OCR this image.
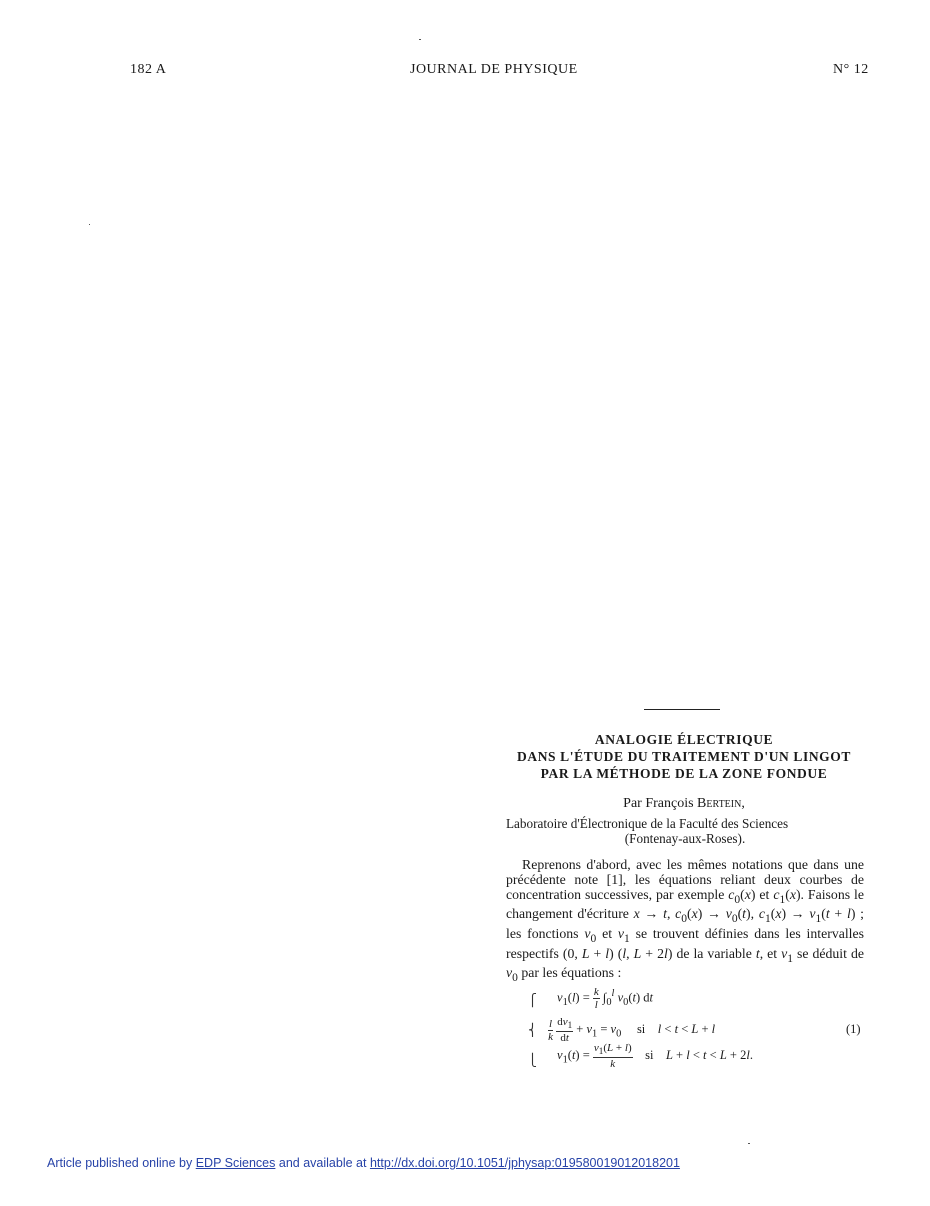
182 A	JOURNAL DE PHYSIQUE	N° 12
ANALOGIE ÉLECTRIQUE
DANS L'ÉTUDE DU TRAITEMENT D'UN LINGOT
PAR LA MÉTHODE DE LA ZONE FONDUE
Par François Bertein,
Laboratoire d'Électronique de la Faculté des Sciences
(Fontenay-aux-Roses).
Reprenons d'abord, avec les mêmes notations que dans une précédente note [1], les équations reliant deux courbes de concentration successives, par exemple $c_0(x)$ et $c_1(x)$. Faisons le changement d'écriture x → t, $c_0(x) \to v_0(t)$, $c_1(x) \to v_1(t + l)$ ; les fonctions $v_0$ et $v_1$ se trouvent définies dans les intervalles respectifs (0, L + l) (l, L + 2l) de la variable t, et $v_1$ se déduit de $v_0$ par les équations :
⎧
⎨
⎩
$v_1(l) = \frac{k}{l} \int_0^l$ $v_0(t)$ dt
$\frac{l}{k}$
$\frac{dv_1}{dt} + v_1 = v_0$     si    l < t < L + l
$v_1(t) = \frac{v_1(L + l)}{k}$ si    L + l < t < L + 2l.
(1)
Article published online by EDP Sciences and available at http://dx.doi.org/10.1051/jphysap:019580019012018201
